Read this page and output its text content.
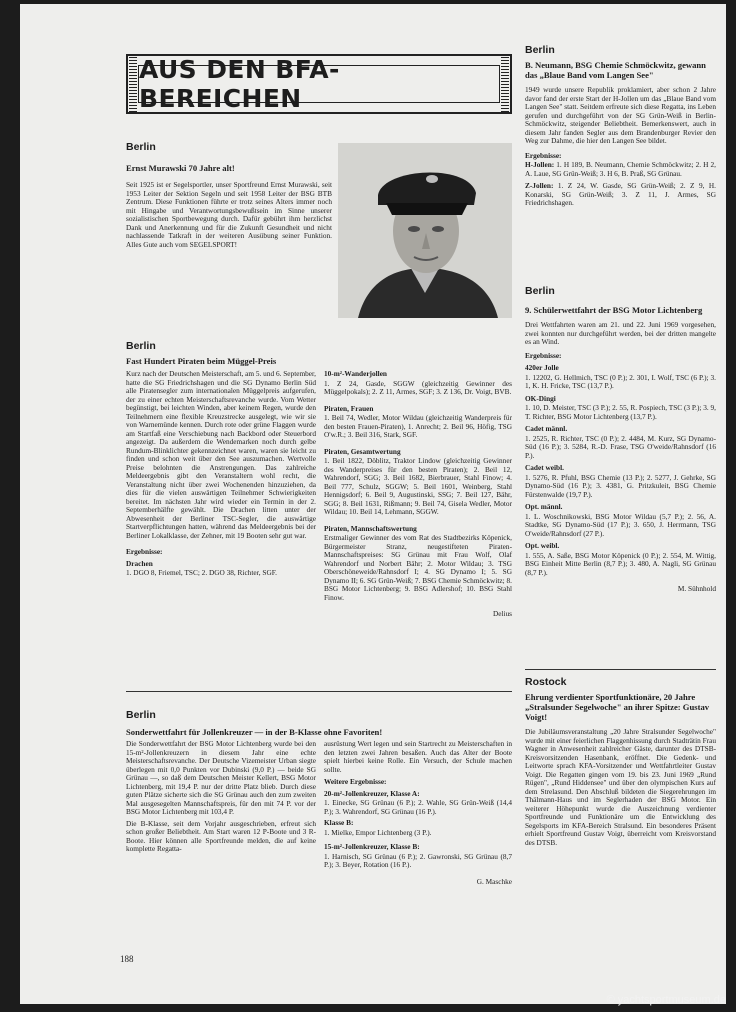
AUS DEN BFA-BEREICHEN

Berlin

Ernst Murawski 70 Jahre alt!

Seit 1925 ist er Segelsportler, unser Sportfreund Ernst Murawski, seit 1953 Leiter der Sektion Segeln und seit 1958 Leiter der BSG BTB Zentrum. Diese Funktionen führte er trotz seines Alters immer noch mit Hingabe und Verantwortungsbewußtsein im Sinne unserer sozialistischen Sportbewegung durch. Dafür gebührt ihm herzlichst Dank und Anerkennung und für die Zukunft Gesundheit und nicht nachlassende Tatkraft in der weiteren Ausübung seiner Funktion. Alles Gute auch vom SEGELSPORT!

Berlin

Fast Hundert Piraten beim Müggel-Preis

Kurz nach der Deutschen Meisterschaft, am 5. und 6. September, hatte die SG Friedrichshagen und die SG Dynamo Berlin Süd alle Piratensegler zum internationalen Müggelpreis aufgerufen, der zu einer echten Meisterschaftsrevanche wurde. Vom Wetter begünstigt, bei leichten Winden, aber keinem Regen, wurde den Teilnehmern eine flexible Kreuzstrecke ausgelegt, wie wir sie von Warnemünde kennen. Durch rote oder grüne Flaggen wurde am Startfaß eine Verschiebung nach Backbord oder Steuerbord angezeigt. Da außerdem die Wendemarken noch durch gelbe Rundum-Blinklichter gekennzeichnet waren, waren sie leicht zu finden und schon weit über den See auszumachen. Wertvolle Preise belohnten die Anstrengungen. Das zahlreiche Meldeergebnis gibt den Veranstaltern wohl recht, die Veranstaltung nicht über zwei Wochenenden hinzuziehen, da dies für die vielen auswärtigen Teilnehmer Schwierigkeiten bereitet. Im nächsten Jahr wird wieder ein Termin in der 2. Septemberhälfte gewählt. Die Drachen litten unter der Abwesenheit der Berliner TSC-Segler, die auswärtige Startverpflichtungen hatten, während das Meldeergebnis bei der Berliner Lokalklasse, der Zehner, mit 19 Booten sehr gut war.

Ergebnisse:

Drachen

1. DGO 8, Friemel, TSC; 2. DGO 38, Richter, SGF.

10-m²-Wanderjollen

1. Z 24, Gasde, SGGW (gleichzeitig Gewinner des Müggelpokals); 2. Z 11, Armes, SGF; 3. Z 136, Dr. Voigt, BVB.

Piraten, Frauen

1. Beil 74, Wedler, Motor Wildau (gleichzeitig Wanderpreis für den besten Frauen-Piraten), 1. Anrecht; 2. Beil 96, Höfig, TSG O'w.R.; 3. Beil 316, Stark, SGF.

Piraten, Gesamtwertung

1. Beil 1822, Döblitz, Traktor Lindow (gleichzeitig Gewinner des Wanderpreises für den besten Piraten); 2. Beil 12, Wahrendorf, SGG; 3. Beil 1682, Bierbrauer, Stahl Finow; 4. Beil 777, Schulz, SGGW; 5. Beil 1601, Weinberg, Stahl Hennigsdorf; 6. Beil 9, Augustinski, SSG; 7. Beil 127, Bähr, SGG; 8. Beil 1631, Rißmann; 9. Beil 74, Gisela Wedler, Motor Wildau; 10. Beil 14, Lehmann, SGGW.

Piraten, Mannschaftswertung

Erstmaliger Gewinner des vom Rat des Stadtbezirks Köpenick, Bürgermeister Stranz, neugestifteten Piraten-Mannschaftspreises: SG Grünau mit Frau Wolf, Olaf Wahrendorf und Norbert Bähr; 2. Motor Wildau; 3. TSG Oberschöneweide/Rahnsdorf I; 4. SG Dynamo I; 5. SG Dynamo II; 6. SG Grün-Weiß; 7. BSG Chemie Schmöckwitz; 8. BSG Motor Lichtenberg; 9. BSG Adlershof; 10. BSG Stahl Finow.

Delius

Berlin

Sonderwettfahrt für Jollenkreuzer — in der B-Klasse ohne Favoriten!

Die Sonderwettfahrt der BSG Motor Lichtenberg wurde bei den 15-m²-Jollenkreuzern in diesem Jahr eine echte Meisterschaftsrevanche. Der Deutsche Vizemeister Urban siegte überlegen mit 0,0 Punkten vor Dubinski (9,0 P.) — beide SG Grünau —, so daß dem Deutschen Meister Kellert, BSG Motor Lichtenberg, mit 19,4 P. nur der dritte Platz blieb. Durch diese guten Plätze sicherte sich die SG Grünau auch den zum zweiten Mal ausgesegelten Mannschaftspreis, für den mit 74 P. vor der BSG Motor Lichtenberg mit 103,4 P.

Die B-Klasse, seit dem Vorjahr ausgeschrieben, erfreut sich schon großer Beliebtheit. Am Start waren 12 P-Boote und 3 R-Boote. Hier können alle Sportfreunde melden, die auf keine komplette Regatta-

ausrüstung Wert legen und sein Startrecht zu Meisterschaften in den letzten zwei Jahren besaßen. Auch das Alter der Boote spielt hierbei keine Rolle. Ein Versuch, der Schule machen sollte.

Weitere Ergebnisse:

20-m²-Jollenkreuzer, Klasse A:

1. Einecke, SG Grünau (6 P.); 2. Wahle, SG Grün-Weiß (14,4 P.); 3. Wahrendorf, SG Grünau (16 P.).

Klasse B:

1. Mielke, Empor Lichtenberg (3 P.).

15-m²-Jollenkreuzer, Klasse B:

1. Harnisch, SG Grünau (6 P.); 2. Gawronski, SG Grünau (8,7 P.); 3. Beyer, Rotation (16 P.).

G. Maschke

Berlin

B. Neumann, BSG Chemie Schmöckwitz, gewann das „Blaue Band vom Langen See"

1949 wurde unsere Republik proklamiert, aber schon 2 Jahre davor fand der erste Start der H-Jollen um das „Blaue Band vom Langen See" statt. Seitdem erfreute sich diese Regatta, ins Leben gerufen und durchgeführt von der SG Grün-Weiß in Berlin-Schmöckwitz, steigender Beliebtheit. Bemerkenswert, auch in diesem Jahr fanden Segler aus dem Brandenburger Revier den Weg zur Dahme, die hier den Langen See bildet.

Ergebnisse:

H-Jollen: 1. H 189, B. Neumann, Chemie Schmöckwitz; 2. H 2, A. Laue, SG Grün-Weiß; 3. H 6, B. Praß, SG Grünau.

Z-Jollen: 1. Z 24, W. Gasde, SG Grün-Weiß; 2. Z 9, H. Konarski, SG Grün-Weiß; 3. Z 11, J. Armes, SG Friedrichshagen.

Berlin

9. Schülerwettfahrt der BSG Motor Lichtenberg

Drei Wettfahrten waren am 21. und 22. Juni 1969 vorgesehen, zwei konnten nur durchgeführt werden, bei der dritten mangelte es an Wind.

Ergebnisse:

420er Jolle

1. 12202, G. Hellmich, TSC (0 P.); 2. 301, I. Wolf, TSC (6 P.); 3. 1, K. H. Fricke, TSC (13,7 P.).

OK-Dingi

1. 10, D. Meister, TSC (3 P.); 2. 55, R. Pospiech, TSC (3 P.); 3. 9, T. Richter, BSG Motor Lichtenberg (13,7 P.).

Cadet männl.

1. 2525, R. Richter, TSC (0 P.); 2. 4484, M. Kurz, SG Dynamo-Süd (16 P.); 3. 5284, R.-D. Frase, TSG O'weide/Rahnsdorf (16 P.).

Cadet weibl.

1. 5276, R. Pfuhl, BSG Chemie (13 P.); 2. 5277, J. Gehrke, SG Dynamo-Süd (16 P.); 3. 4381, G. Pritzkuleit, BSG Chemie Fürstenwalde (19,7 P.).

Opt. männl.

1. L. Woschnikowski, BSG Motor Wildau (5,7 P.); 2. 56, A. Stadtke, SG Dynamo-Süd (17 P.); 3. 650, J. Herrmann, TSG O'weide/Rahnsdorf (27 P.).

Opt. weibl.

1. 555, A. Saße, BSG Motor Köpenick (0 P.); 2. 554, M. Wittig, BSG Einheit Mitte Berlin (8,7 P.); 3. 480, A. Nagli, SG Grünau (8,7 P.).

M. Sühnhold

Rostock

Ehrung verdienter Sportfunktionäre, 20 Jahre „Stralsunder Segelwoche" an ihrer Spitze: Gustav Voigt!

Die Jubiläumsveranstaltung „20 Jahre Stralsunder Segelwoche" wurde mit einer feierlichen Flaggenhissung durch Stadträtin Frau Wagner in Anwesenheit zahlreicher Gäste, darunter des DTSB-Kreisvorsitzenden Hasenbank, eröffnet. Die Gedenk- und Leitworte sprach KFA-Vorsitzender und Wettfahrtleiter Gustav Voigt. Die Regatten gingen vom 19. bis 23. Juni 1969 „Rund Rügen", „Rund Hiddensee" und über den olympischen Kurs auf dem Strelasund. Den Abschluß bildeten die Siegerehrungen im Thälmann-Haus und im Seglerhaden der BSG Motor. Ein weiterer Höhepunkt wurde die Auszeichnung verdienter Sportfreunde und Funktionäre um die Entwicklung des Segelsports im KFA-Bereich Stralsund. Ein besonderes Präsent erhielt Sportfreund Gustav Voigt, überreicht vom Kreisvorstand des DTSB.

188
© yachtsportmuseum.de
